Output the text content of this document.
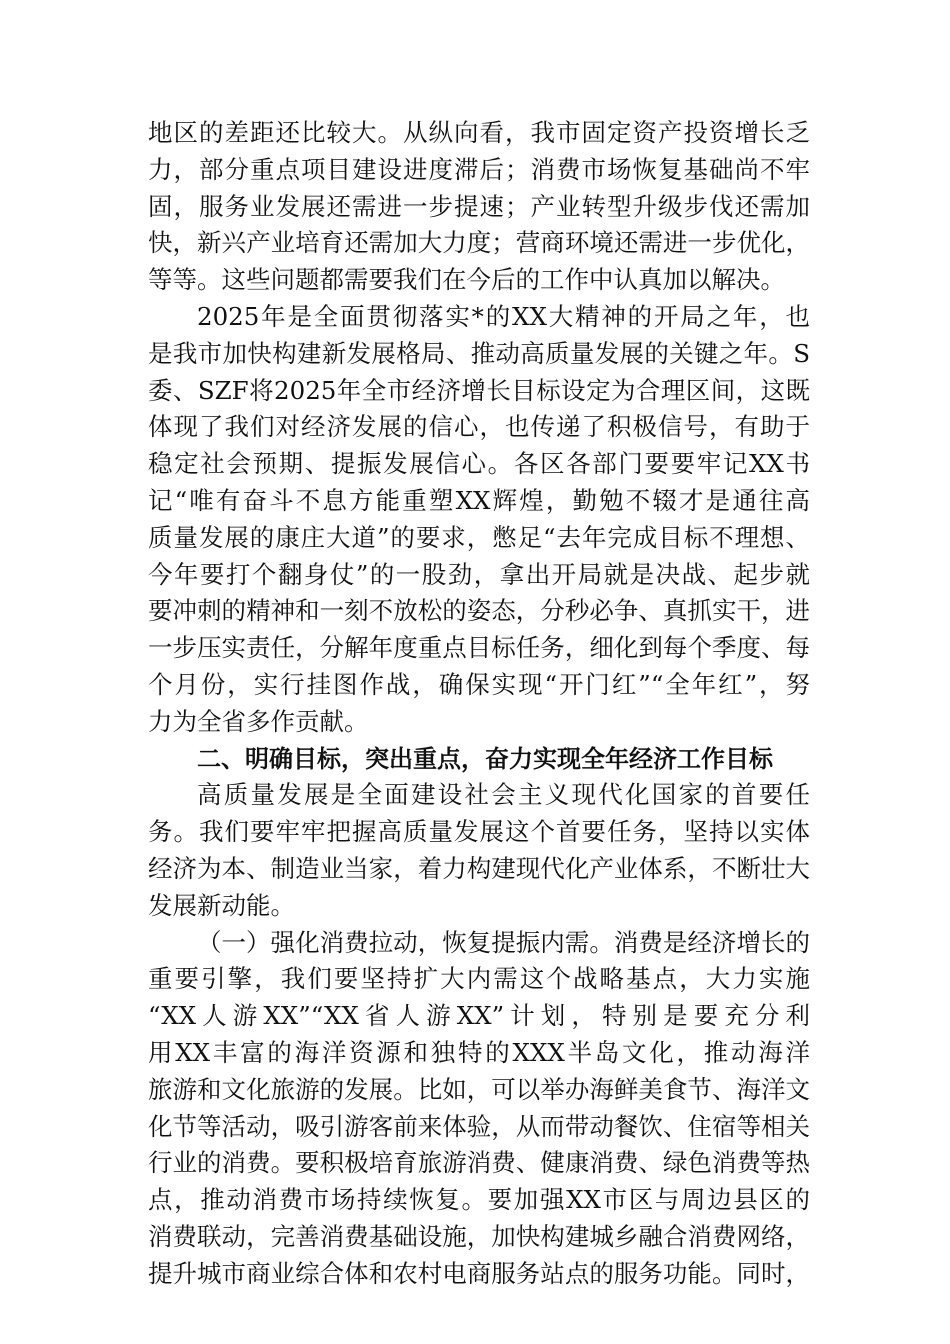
地区的差距还比较大。从纵向看，我市固定资产投资增长乏
力，部分重点项目建设进度滞后；消费市场恢复基础尚不牢
固，服务业发展还需进一步提速；产业转型升级步伐还需加
快，新兴产业培育还需加大力度；营商环境还需进一步优化，
等等。这些问题都需要我们在今后的工作中认真加以解决。
2025年是全面贯彻落实*的XX大精神的开局之年，也
是我市加快构建新发展格局、推动高质量发展的关键之年。S
委、SZF将2025年全市经济增长目标设定为合理区间，这既
体现了我们对经济发展的信心，也传递了积极信号，有助于
稳定社会预期、提振发展信心。各区各部门要要牢记XX书
记“唯有奋斗不息方能重塑XX辉煌，勤勉不辍才是通往高
质量发展的康庄大道”的要求，憋足“去年完成目标不理想、
今年要打个翻身仗”的一股劲，拿出开局就是决战、起步就
要冲刺的精神和一刻不放松的姿态，分秒必争、真抓实干，进
一步压实责任，分解年度重点目标任务，细化到每个季度、每
个月份，实行挂图作战，确保实现“开门红”“全年红”，努
力为全省多作贡献。
二、明确目标，突出重点，奋力实现全年经济工作目标
高质量发展是全面建设社会主义现代化国家的首要任
务。我们要牢牢把握高质量发展这个首要任务，坚持以实体
经济为本、制造业当家，着力构建现代化产业体系，不断壮大
发展新动能。
（一）强化消费拉动，恢复提振内需。消费是经济增长的
重要引擎，我们要坚持扩大内需这个战略基点，大力实施
“XX人游XX”“XX省人游XX”计划，特别是要充分利
用XX丰富的海洋资源和独特的XXX半岛文化，推动海洋
旅游和文化旅游的发展。比如，可以举办海鲜美食节、海洋文
化节等活动，吸引游客前来体验，从而带动餐饮、住宿等相关
行业的消费。要积极培育旅游消费、健康消费、绿色消费等热
点，推动消费市场持续恢复。要加强XX市区与周边县区的
消费联动，完善消费基础设施，加快构建城乡融合消费网络，
提升城市商业综合体和农村电商服务站点的服务功能。同时，
